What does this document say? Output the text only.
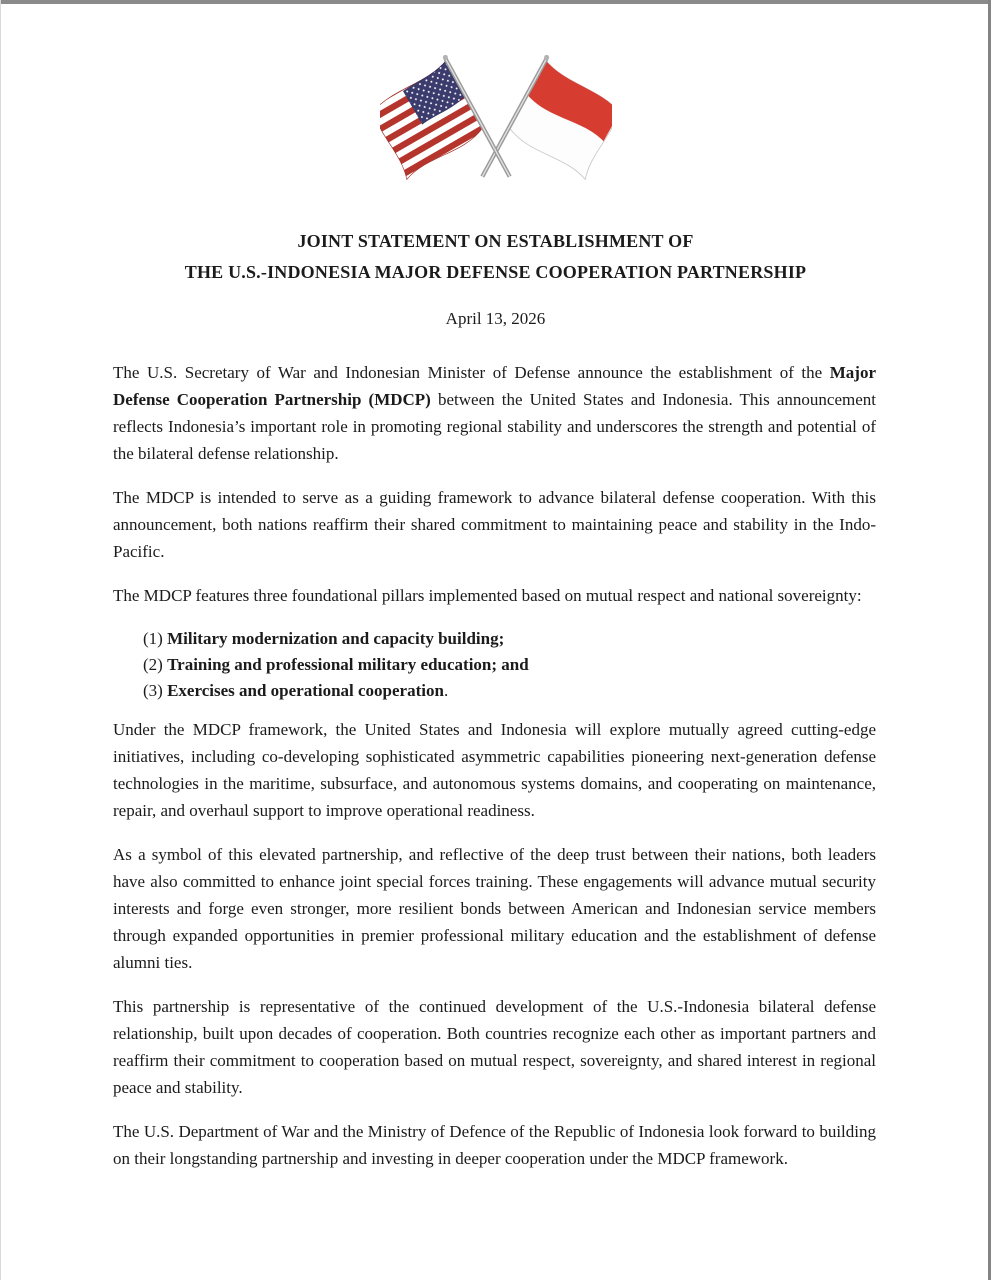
JOINT STATEMENT ON ESTABLISHMENT OF
THE U.S.-INDONESIA MAJOR DEFENSE COOPERATION PARTNERSHIP

April 13, 2026

The U.S. Secretary of War and Indonesian Minister of Defense announce the establishment of the Major Defense Cooperation Partnership (MDCP) between the United States and Indonesia. This announcement reflects Indonesia’s important role in promoting regional stability and underscores the strength and potential of the bilateral defense relationship.

The MDCP is intended to serve as a guiding framework to advance bilateral defense cooperation. With this announcement, both nations reaffirm their shared commitment to maintaining peace and stability in the Indo-Pacific.

The MDCP features three foundational pillars implemented based on mutual respect and national sovereignty:

(1) Military modernization and capacity building;
(2) Training and professional military education; and
(3) Exercises and operational cooperation.

Under the MDCP framework, the United States and Indonesia will explore mutually agreed cutting-edge initiatives, including co-developing sophisticated asymmetric capabilities pioneering next-generation defense technologies in the maritime, subsurface, and autonomous systems domains, and cooperating on maintenance, repair, and overhaul support to improve operational readiness.

As a symbol of this elevated partnership, and reflective of the deep trust between their nations, both leaders have also committed to enhance joint special forces training. These engagements will advance mutual security interests and forge even stronger, more resilient bonds between American and Indonesian service members through expanded opportunities in premier professional military education and the establishment of defense alumni ties.

This partnership is representative of the continued development of the U.S.-Indonesia bilateral defense relationship, built upon decades of cooperation. Both countries recognize each other as important partners and reaffirm their commitment to cooperation based on mutual respect, sovereignty, and shared interest in regional peace and stability.

The U.S. Department of War and the Ministry of Defence of the Republic of Indonesia look forward to building on their longstanding partnership and investing in deeper cooperation under the MDCP framework.
